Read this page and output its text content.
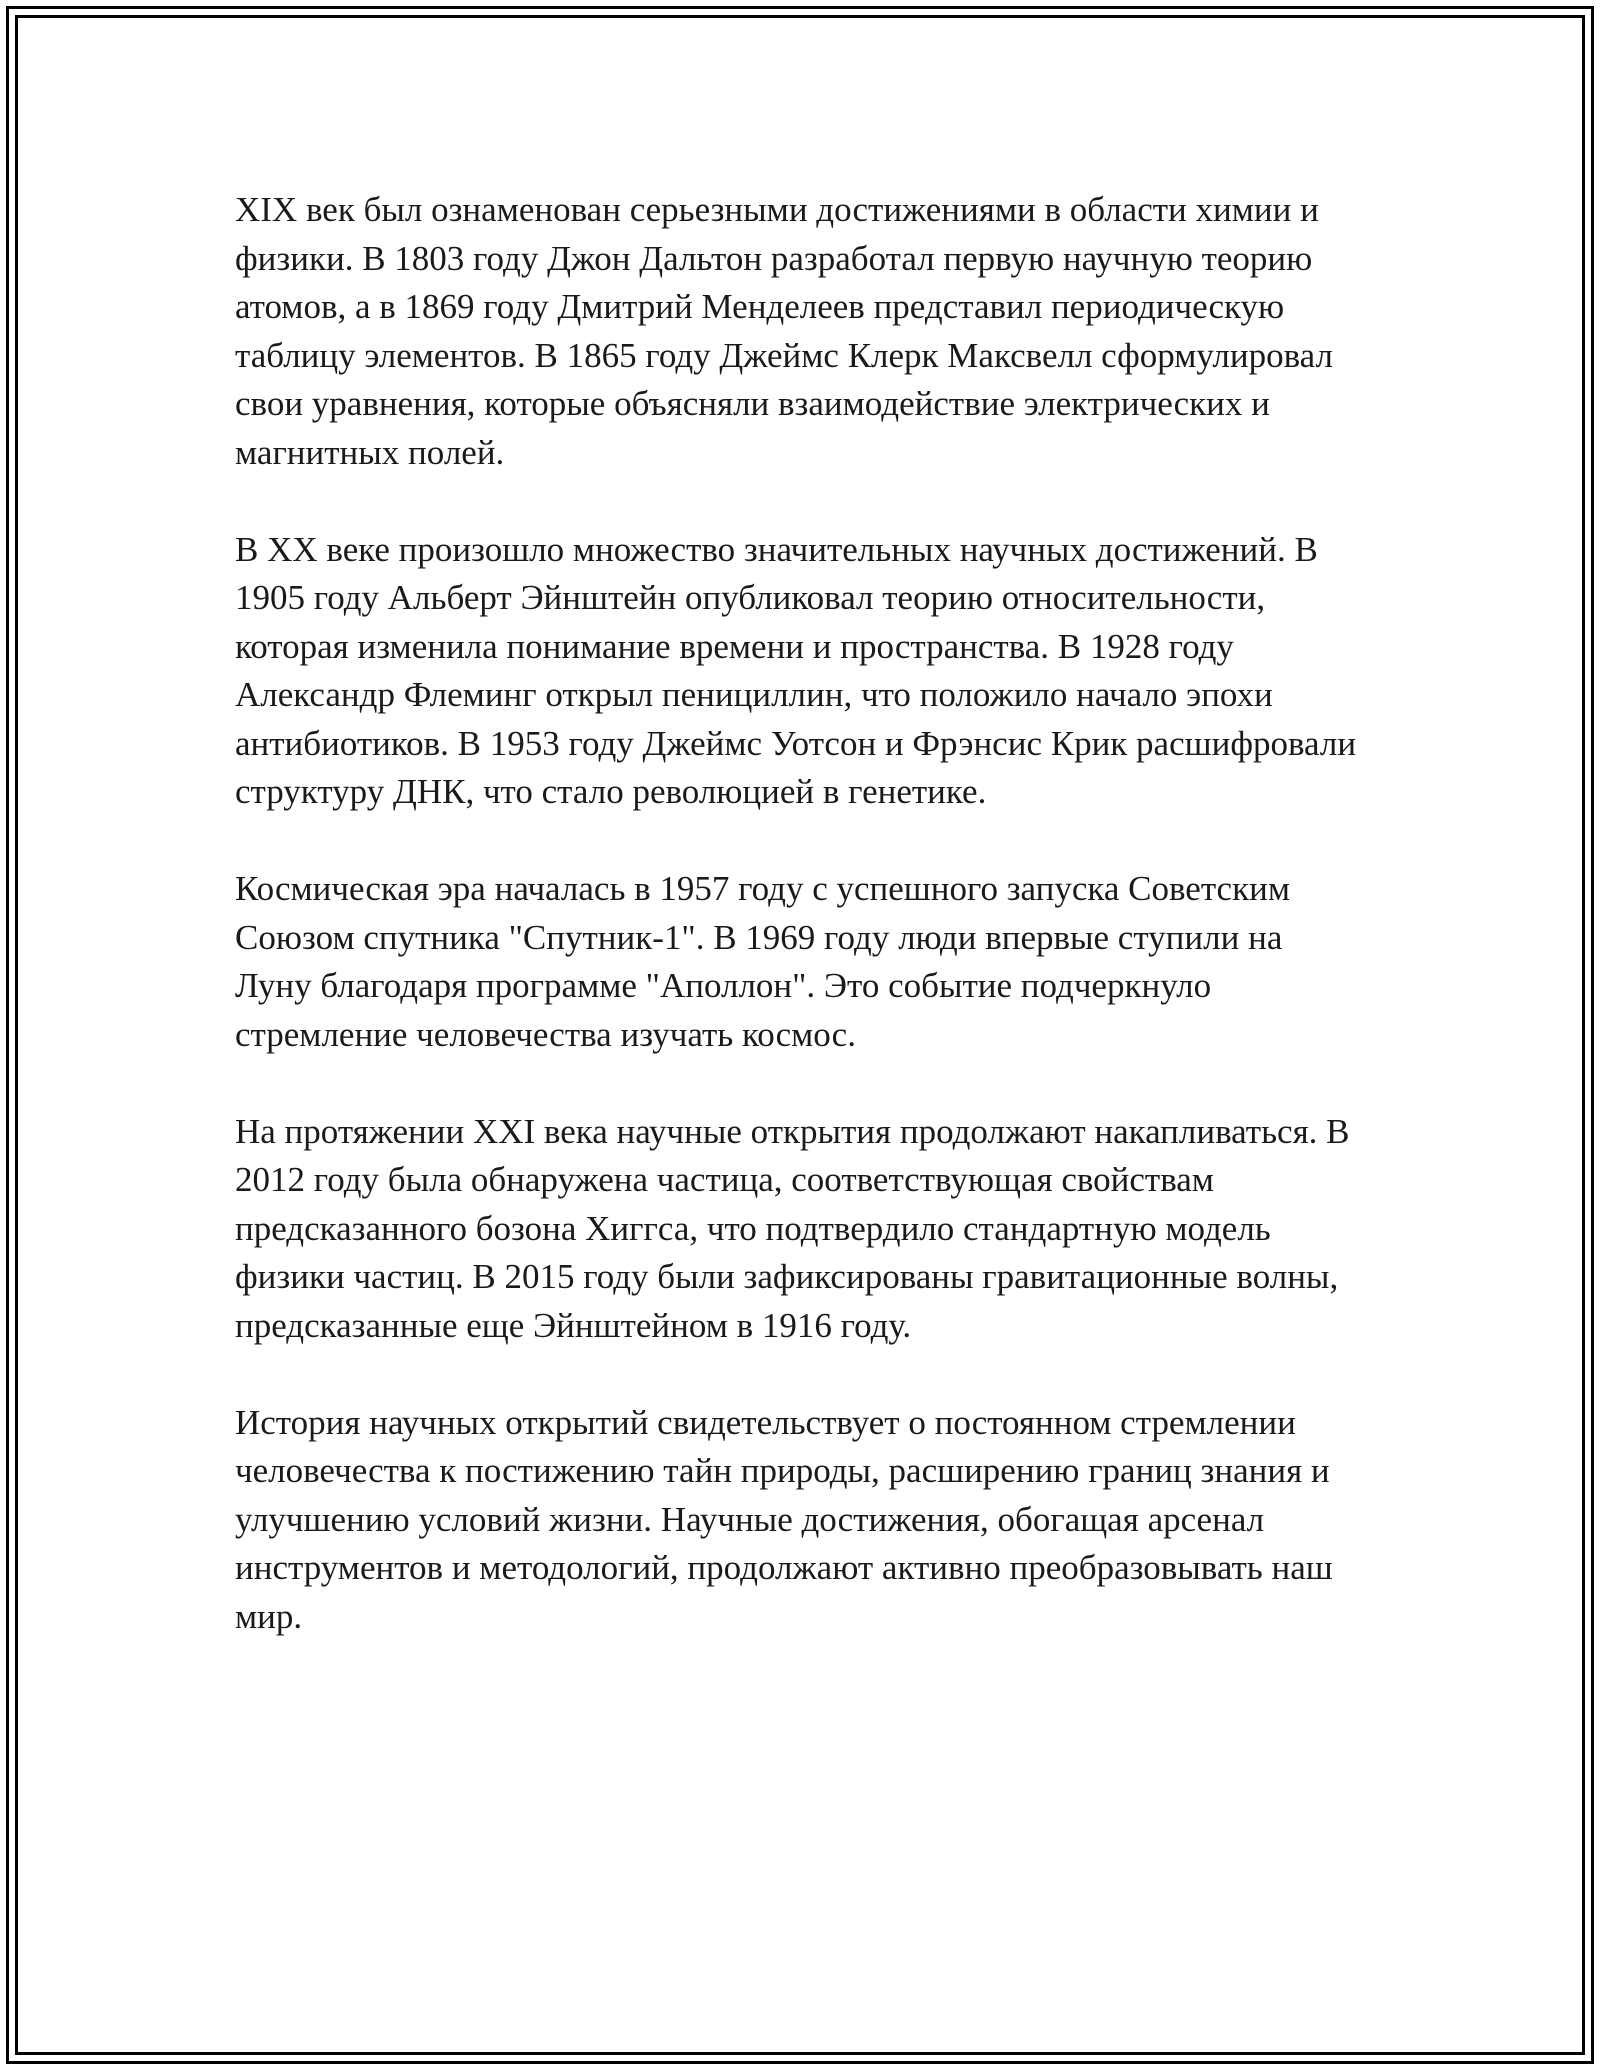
XIX век был ознаменован серьезными достижениями в области химии и физики. В 1803 году Джон Дальтон разработал первую научную теорию атомов, а в 1869 году Дмитрий Менделеев представил периодическую таблицу элементов. В 1865 году Джеймс Клерк Максвелл сформулировал свои уравнения, которые объясняли взаимодействие электрических и магнитных полей.

В XX веке произошло множество значительных научных достижений. В 1905 году Альберт Эйнштейн опубликовал теорию относительности, которая изменила понимание времени и пространства. В 1928 году Александр Флеминг открыл пенициллин, что положило начало эпохи антибиотиков. В 1953 году Джеймс Уотсон и Фрэнсис Крик расшифровали структуру ДНК, что стало революцией в генетике.

Космическая эра началась в 1957 году с успешного запуска Советским Союзом спутника "Спутник-1". В 1969 году люди впервые ступили на Луну благодаря программе "Аполлон". Это событие подчеркнуло стремление человечества изучать космос.

На протяжении XXI века научные открытия продолжают накапливаться. В 2012 году была обнаружена частица, соответствующая свойствам предсказанного бозона Хиггса, что подтвердило стандартную модель физики частиц. В 2015 году были зафиксированы гравитационные волны, предсказанные еще Эйнштейном в 1916 году.

История научных открытий свидетельствует о постоянном стремлении человечества к постижению тайн природы, расширению границ знания и улучшению условий жизни. Научные достижения, обогащая арсенал инструментов и методологий, продолжают активно преобразовывать наш мир.
